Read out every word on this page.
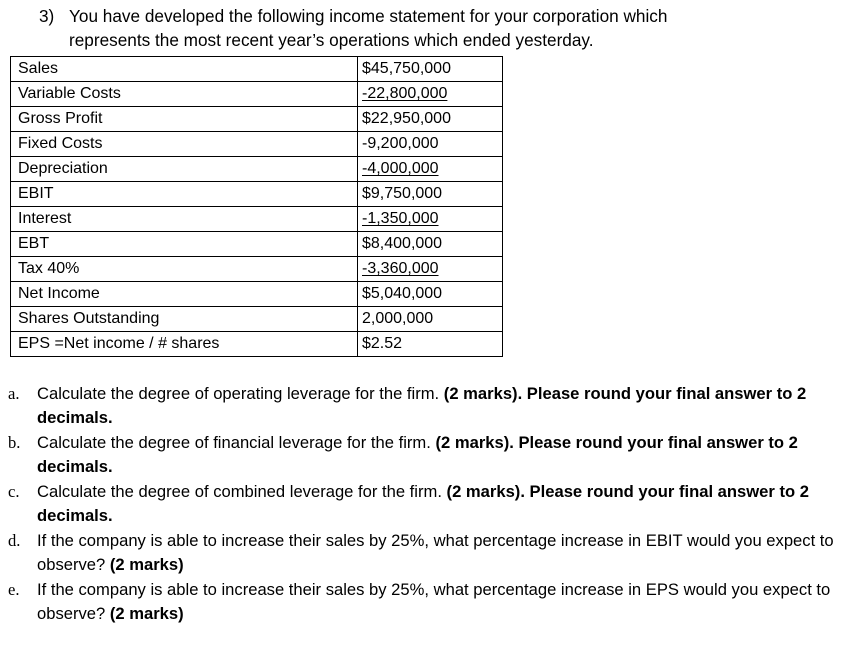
3) You have developed the following income statement for your corporation which
represents the most recent year’s operations which ended yesterday.
Sales	$45,750,000
Variable Costs	-22,800,000
Gross Profit	$22,950,000
Fixed Costs	-9,200,000
Depreciation	-4,000,000
EBIT	$9,750,000
Interest	-1,350,000
EBT	$8,400,000
Tax 40%	-3,360,000
Net Income	$5,040,000
Shares Outstanding	2,000,000
EPS =Net income / # shares	$2.52
a. Calculate the degree of operating leverage for the firm. (2 marks). Please round your final answer to 2 decimals.
b. Calculate the degree of financial leverage for the firm. (2 marks). Please round your final answer to 2 decimals.
c. Calculate the degree of combined leverage for the firm. (2 marks). Please round your final answer to 2 decimals.
d. If the company is able to increase their sales by 25%, what percentage increase in EBIT would you expect to observe? (2 marks)
e. If the company is able to increase their sales by 25%, what percentage increase in EPS would you expect to observe? (2 marks)
